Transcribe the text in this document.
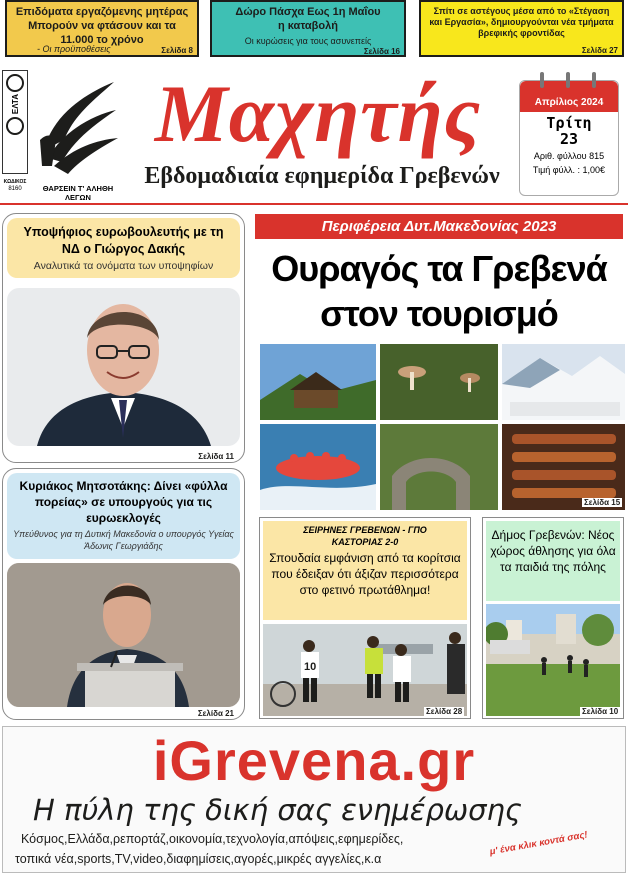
Επιδόματα εργαζόμενης μητέρας Μπορούν να φτάσουν και τα 11.000 το χρόνο
- Οι προϋποθέσεις	Σελίδα 8
Δώρο Πάσχα Εως 1η Μαΐου η καταβολή
Οι κυρώσεις για τους ασυνεπείς
Σελίδα 16
Σπίτι σε αστέγους μέσα από το «Στέγαση και Εργασία», δημιουργούνται νέα τμήματα βρεφικής φροντίδας
Σελίδα 27
ΕΛΤΑ
ΚΩΔΙΚΟΣ
8160	ΘΑΡΣΕΙΝ Τ' ΑΛΗΘΗ ΛΕΓΩΝ
Μαχητής
Εβδομαδιαία εφημερίδα Γρεβενών
Απρίλιος 2024
Τρίτη
23
Αριθ. φύλλου 815
Τιμή φύλλ. : 1,00€
Υποψήφιος ευρωβουλευτής με τη ΝΔ ο Γιώργος Δακής
Αναλυτικά τα ονόματα των υποψηφίων
Σελίδα 11
Κυριάκος Μητσοτάκης: Δίνει «φύλλα πορείας» σε υπουργούς για τις ευρωεκλογές
Υπεύθυνος για τη Δυτική Μακεδονία ο υπουργός Υγείας Άδωνις Γεωργιάδης
Σελίδα 21
Περιφέρεια Δυτ.Μακεδονίας 2023
Ουραγός τα Γρεβενά
στον τουρισμό
Σελίδα 15
ΣΕΙΡΗΝΕΣ ΓΡΕΒΕΝΩΝ - ΓΠΟ ΚΑΣΤΟΡΙΑΣ 2-0
Σπουδαία εμφάνιση από τα κορίτσια που έδειξαν ότι άξιζαν περισσότερα στο φετινό πρωτάθλημα!
10
Σελίδα 28
Δήμος Γρεβενών: Νέος χώρος άθλησης για όλα τα παιδιά της πόλης
Σελίδα 10
iGrevena.gr
Η πύλη της δική σας ενημέρωσης
Κόσμος,Ελλάδα,ρεπορτάζ,οικονομία,τεχνολογία,απόψεις,εφημερίδες,
τοπικά νέα,sports,TV,video,διαφημίσεις,αγορές,μικρές αγγελίες,κ.α
μ' ένα κλικ κοντά σας!
